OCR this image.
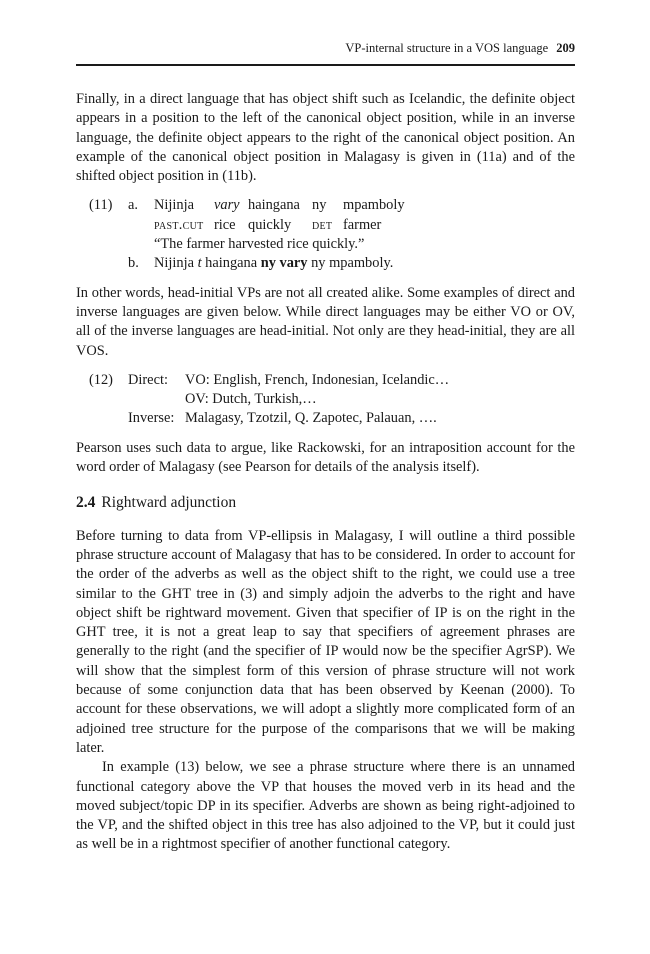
VP-internal structure in a VOS language 209

Finally, in a direct language that has object shift such as Icelandic, the definite object appears in a position to the left of the canonical object position, while in an inverse language, the definite object appears to the right of the canonical object position. An example of the canonical object position in Malagasy is given in (11a) and of the shifted object position in (11b).

(11) a. Nijinja vary haingana ny mpamboly
past.cut rice quickly det farmer
“The farmer harvested rice quickly.”
b. Nijinja t haingana ny vary ny mpamboly.

In other words, head-initial VPs are not all created alike. Some examples of direct and inverse languages are given below. While direct languages may be either VO or OV, all of the inverse languages are head-initial. Not only are they head-initial, they are all VOS.

(12) Direct: VO: English, French, Indonesian, Icelandic…
OV: Dutch, Turkish,…
Inverse: Malagasy, Tzotzil, Q. Zapotec, Palauan, ….

Pearson uses such data to argue, like Rackowski, for an intraposition account for the word order of Malagasy (see Pearson for details of the analysis itself).

2.4 Rightward adjunction

Before turning to data from VP-ellipsis in Malagasy, I will outline a third possible phrase structure account of Malagasy that has to be considered. In order to account for the order of the adverbs as well as the object shift to the right, we could use a tree similar to the GHT tree in (3) and simply adjoin the adverbs to the right and have object shift be rightward movement. Given that specifier of IP is on the right in the GHT tree, it is not a great leap to say that specifiers of agreement phrases are generally to the right (and the specifier of IP would now be the specifier AgrSP). We will show that the simplest form of this version of phrase structure will not work because of some conjunction data that has been observed by Keenan (2000). To account for these observations, we will adopt a slightly more complicated form of an adjoined tree structure for the purpose of the comparisons that we will be making later.

In example (13) below, we see a phrase structure where there is an unnamed functional category above the VP that houses the moved verb in its head and the moved subject/topic DP in its specifier. Adverbs are shown as being right-adjoined to the VP, and the shifted object in this tree has also adjoined to the VP, but it could just as well be in a rightmost specifier of another functional category.
